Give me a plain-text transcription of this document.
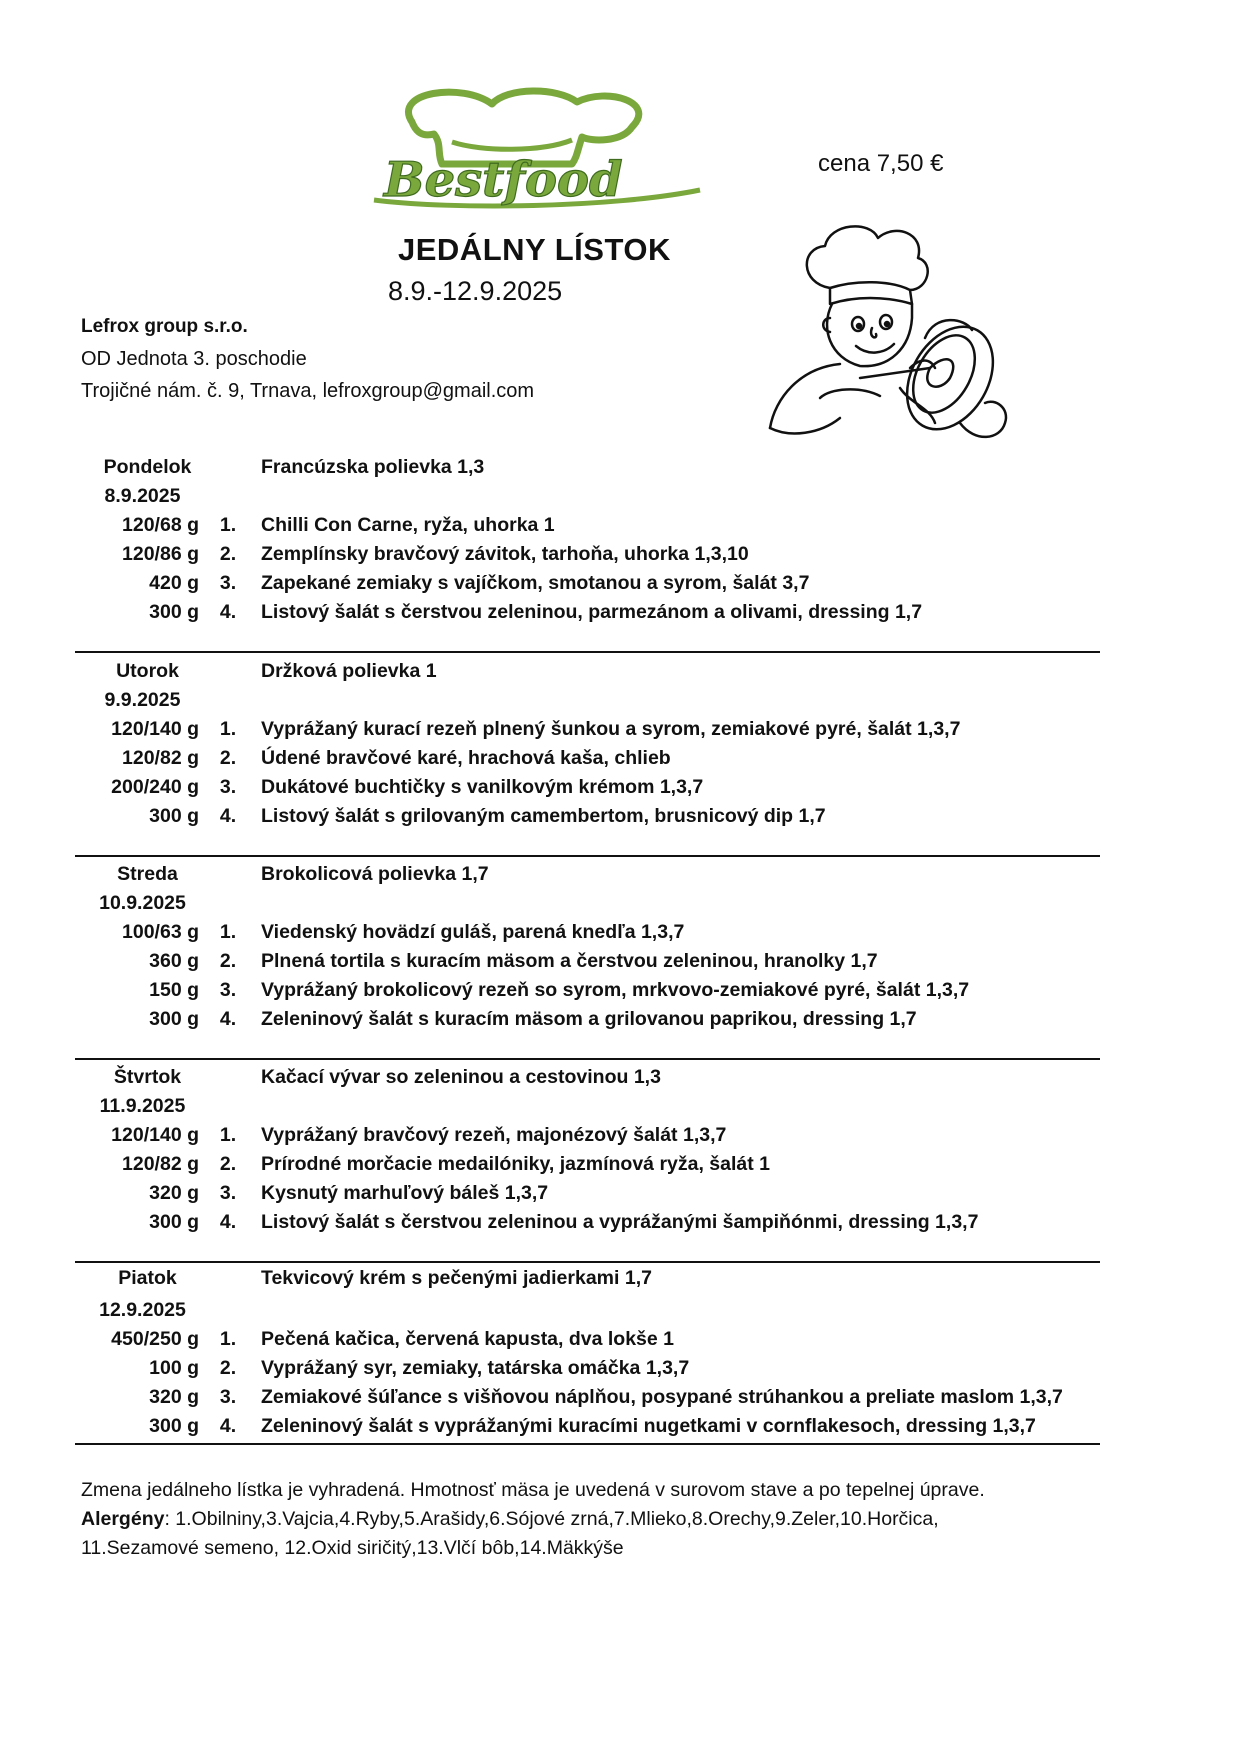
Bestfood	cena 7,50 €
JEDÁLNY LÍSTOK
8.9.-12.9.2025
Lefrox group s.r.o.
OD Jednota 3. poschodie
Trojičné nám. č. 9, Trnava, lefroxgroup@gmail.com
Pondelok
8.9.2025
Francúzska polievka 1,3
120/68 g	1.	Chilli Con Carne, ryža, uhorka 1
120/86 g	2.	Zemplínsky bravčový závitok, tarhoňa, uhorka 1,3,10
420 g	3.	Zapekané zemiaky s vajíčkom, smotanou a syrom, šalát 3,7
300 g	4.	Listový šalát s čerstvou zeleninou, parmezánom a olivami, dressing 1,7
Utorok
9.9.2025
Držková polievka 1
120/140 g	1.	Vyprážaný kurací rezeň plnený šunkou a syrom, zemiakové pyré, šalát 1,3,7
120/82 g	2.	Údené bravčové karé, hrachová kaša, chlieb
200/240 g	3.	Dukátové buchtičky s vanilkovým krémom 1,3,7
300 g	4.	Listový šalát s grilovaným camembertom, brusnicový dip 1,7
Streda
10.9.2025
Brokolicová polievka 1,7
100/63 g	1.	Viedenský hovädzí guláš, parená knedľa 1,3,7
360 g	2.	Plnená tortila s kuracím mäsom a čerstvou zeleninou, hranolky 1,7
150 g	3.	Vyprážaný brokolicový rezeň so syrom, mrkvovo-zemiakové pyré, šalát 1,3,7
300 g	4.	Zeleninový šalát s kuracím mäsom a grilovanou paprikou, dressing 1,7
Štvrtok
11.9.2025
Kačací vývar so zeleninou a cestovinou 1,3
120/140 g	1.	Vyprážaný bravčový rezeň, majonézový šalát 1,3,7
120/82 g	2.	Prírodné morčacie medailóniky, jazmínová ryža, šalát 1
320 g	3.	Kysnutý marhuľový báleš 1,3,7
300 g	4.	Listový šalát s čerstvou zeleninou a vyprážanými šampiňónmi, dressing 1,3,7
Piatok
12.9.2025
Tekvicový krém s pečenými jadierkami 1,7
450/250 g	1.	Pečená kačica, červená kapusta, dva lokše 1
100 g	2.	Vyprážaný syr, zemiaky, tatárska omáčka 1,3,7
320 g	3.	Zemiakové šúľance s višňovou náplňou, posypané strúhankou a preliate maslom 1,3,7
300 g	4.	Zeleninový šalát s vyprážanými kuracími nugetkami v cornflakesoch, dressing 1,3,7
Zmena jedálneho lístka je vyhradená. Hmotnosť mäsa je uvedená v surovom stave a po tepelnej úprave.
Alergény: 1.Obilniny,3.Vajcia,4.Ryby,5.Arašidy,6.Sójové zrná,7.Mlieko,8.Orechy,9.Zeler,10.Horčica,
11.Sezamové semeno, 12.Oxid siričitý,13.Vlčí bôb,14.Mäkkýše
